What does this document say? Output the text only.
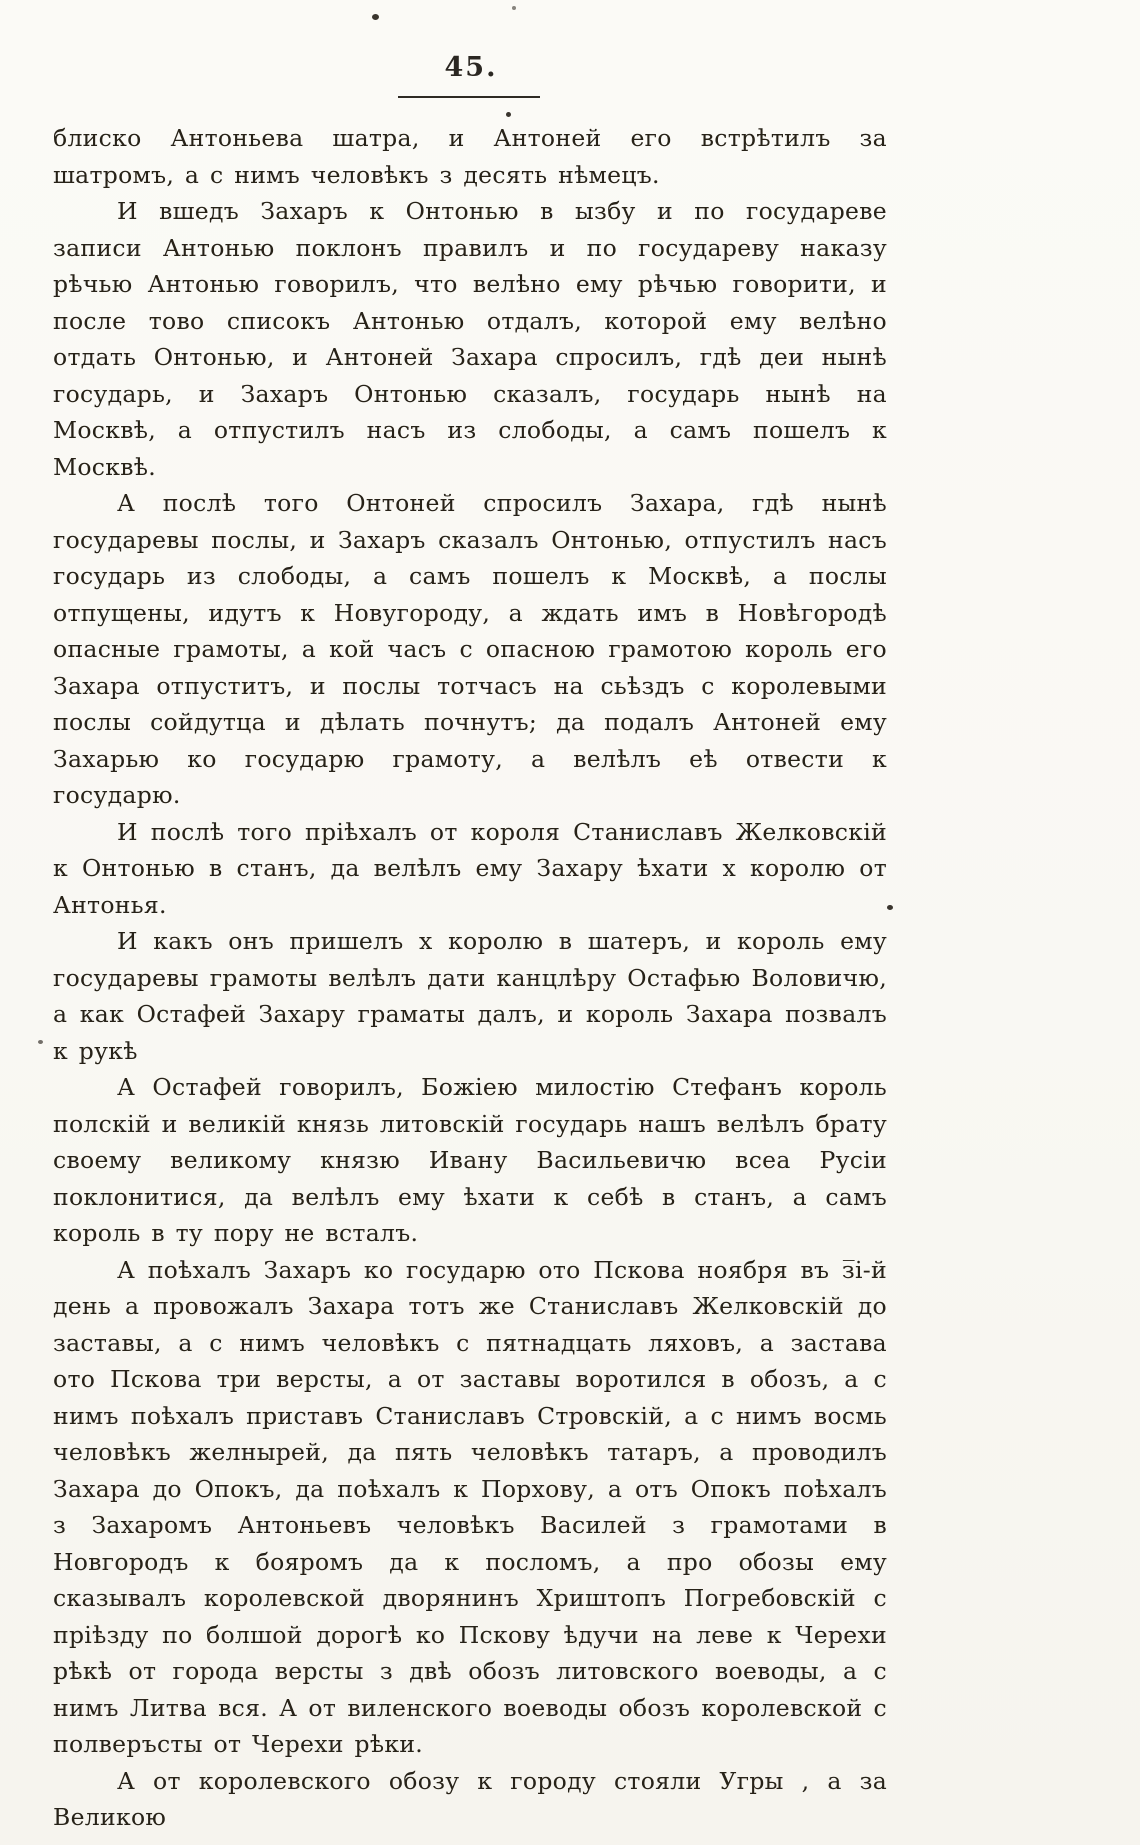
45.

блиско Антоньева шатра, и Антоней его встрѣтилъ за шатромъ, а с нимъ человѣкъ з десять нѣмецъ.

И вшедъ Захаръ к Онтонью в ызбу и по государеве записи Антонью поклонъ правилъ и по государеву наказу рѣчью Антонью говорилъ, что велѣно ему рѣчью говорити, и после тово списокъ Антонью отдалъ, которой ему велѣно отдать Онтонью, и Антоней Захара спросилъ, гдѣ деи нынѣ государь, и Захаръ Онтонью сказалъ, государь нынѣ на Москвѣ, а отпустилъ насъ из слободы, а самъ пошелъ к Москвѣ.

А послѣ того Онтоней спросилъ Захара, гдѣ нынѣ государевы послы, и Захаръ сказалъ Онтонью, отпустилъ насъ государь из слободы, а самъ пошелъ к Москвѣ, а послы отпущены, идутъ к Новугороду, а ждать имъ в Новѣгородѣ опасные грамоты, а кой часъ с опасною грамотою король его Захара отпуститъ, и послы тотчасъ на сьѣздъ с королевыми послы сойдутца и дѣлать почнутъ; да подалъ Антоней ему Захарью ко государю грамоту, а велѣлъ еѣ отвести к государю.

И послѣ того пріѣхалъ от короля Станиславъ Желковскій к Онтонью в станъ, да велѣлъ ему Захару ѣхати х королю от Антонья.

И какъ онъ пришелъ х королю в шатеръ, и король ему государевы грамоты велѣлъ дати канцлѣру Остафью Воловичю, а как Остафей Захару граматы далъ, и король Захара позвалъ к рукѣ

А Остафей говорилъ, Божіею милостію Стефанъ король полскій и великій князь литовскій государь нашъ велѣлъ брату своему великому князю Ивану Васильевичю всеа Русіи поклонитися, да велѣлъ ему ѣхати к себѣ в станъ, а самъ король в ту пору не всталъ.

А поѣхалъ Захаръ ко государю ото Пскова ноября въ з̅і-й день а провожалъ Захара тотъ же Станиславъ Желковскій до заставы, а с нимъ человѣкъ с пятнадцать ляховъ, а застава ото Пскова три версты, а от заставы воротился в обозъ, а с нимъ поѣхалъ приставъ Станиславъ Стровскій, а с нимъ восмь человѣкъ желнырей, да пять человѣкъ татаръ, а проводилъ Захара до Опокъ, да поѣхалъ к Порхову, а отъ Опокъ поѣхалъ з Захаромъ Антоньевъ человѣкъ Василей з грамотами в Новгородъ к бояромъ да к посломъ, а про обозы ему сказывалъ королевской дворянинъ Хриштопъ Погребовскій с пріѣзду по болшой дорогѣ ко Пскову ѣдучи на леве к Черехи рѣкѣ от города версты з двѣ обозъ литовского воеводы, а с нимъ Литва вся. А от виленского воеводы обозъ королевской с полверъсты от Черехи рѣки.

А от королевского обозу к городу стояли Угры , а за Великою
